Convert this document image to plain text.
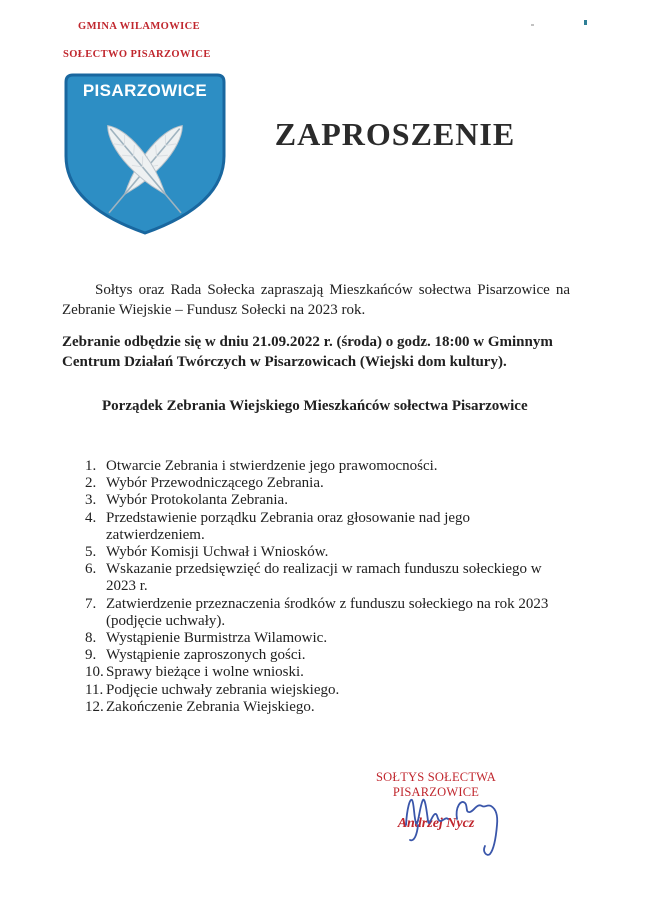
GMINA WILAMOWICE
SOŁECTWO PISARZOWICE
PISARZOWICE
ZAPROSZENIE

Sołtys oraz Rada Sołecka zapraszają Mieszkańców sołectwa Pisarzowice na Zebranie Wiejskie – Fundusz Sołecki na 2023 rok.

Zebranie odbędzie się w dniu 21.09.2022 r. (środa) o godz. 18:00 w Gminnym Centrum Działań Twórczych w Pisarzowicach (Wiejski dom kultury).

Porządek Zebrania Wiejskiego Mieszkańców sołectwa Pisarzowice
Otwarcie Zebrania i stwierdzenie jego prawomocności.
Wybór Przewodniczącego Zebrania.
Wybór Protokolanta Zebrania.
Przedstawienie porządku Zebrania oraz głosowanie nad jego zatwierdzeniem.
Wybór Komisji Uchwał i Wniosków.
Wskazanie przedsięwzięć do realizacji w ramach funduszu sołeckiego w 2023 r.
Zatwierdzenie przeznaczenia środków z funduszu sołeckiego na rok 2023 (podjęcie uchwały).
Wystąpienie Burmistrza Wilamowic.
Wystąpienie zaproszonych gości.
Sprawy bieżące i wolne wnioski.
Podjęcie uchwały zebrania wiejskiego.
Zakończenie Zebrania Wiejskiego.
SOŁTYS SOŁECTWA
PISARZOWICE
Andrzej Nycz
